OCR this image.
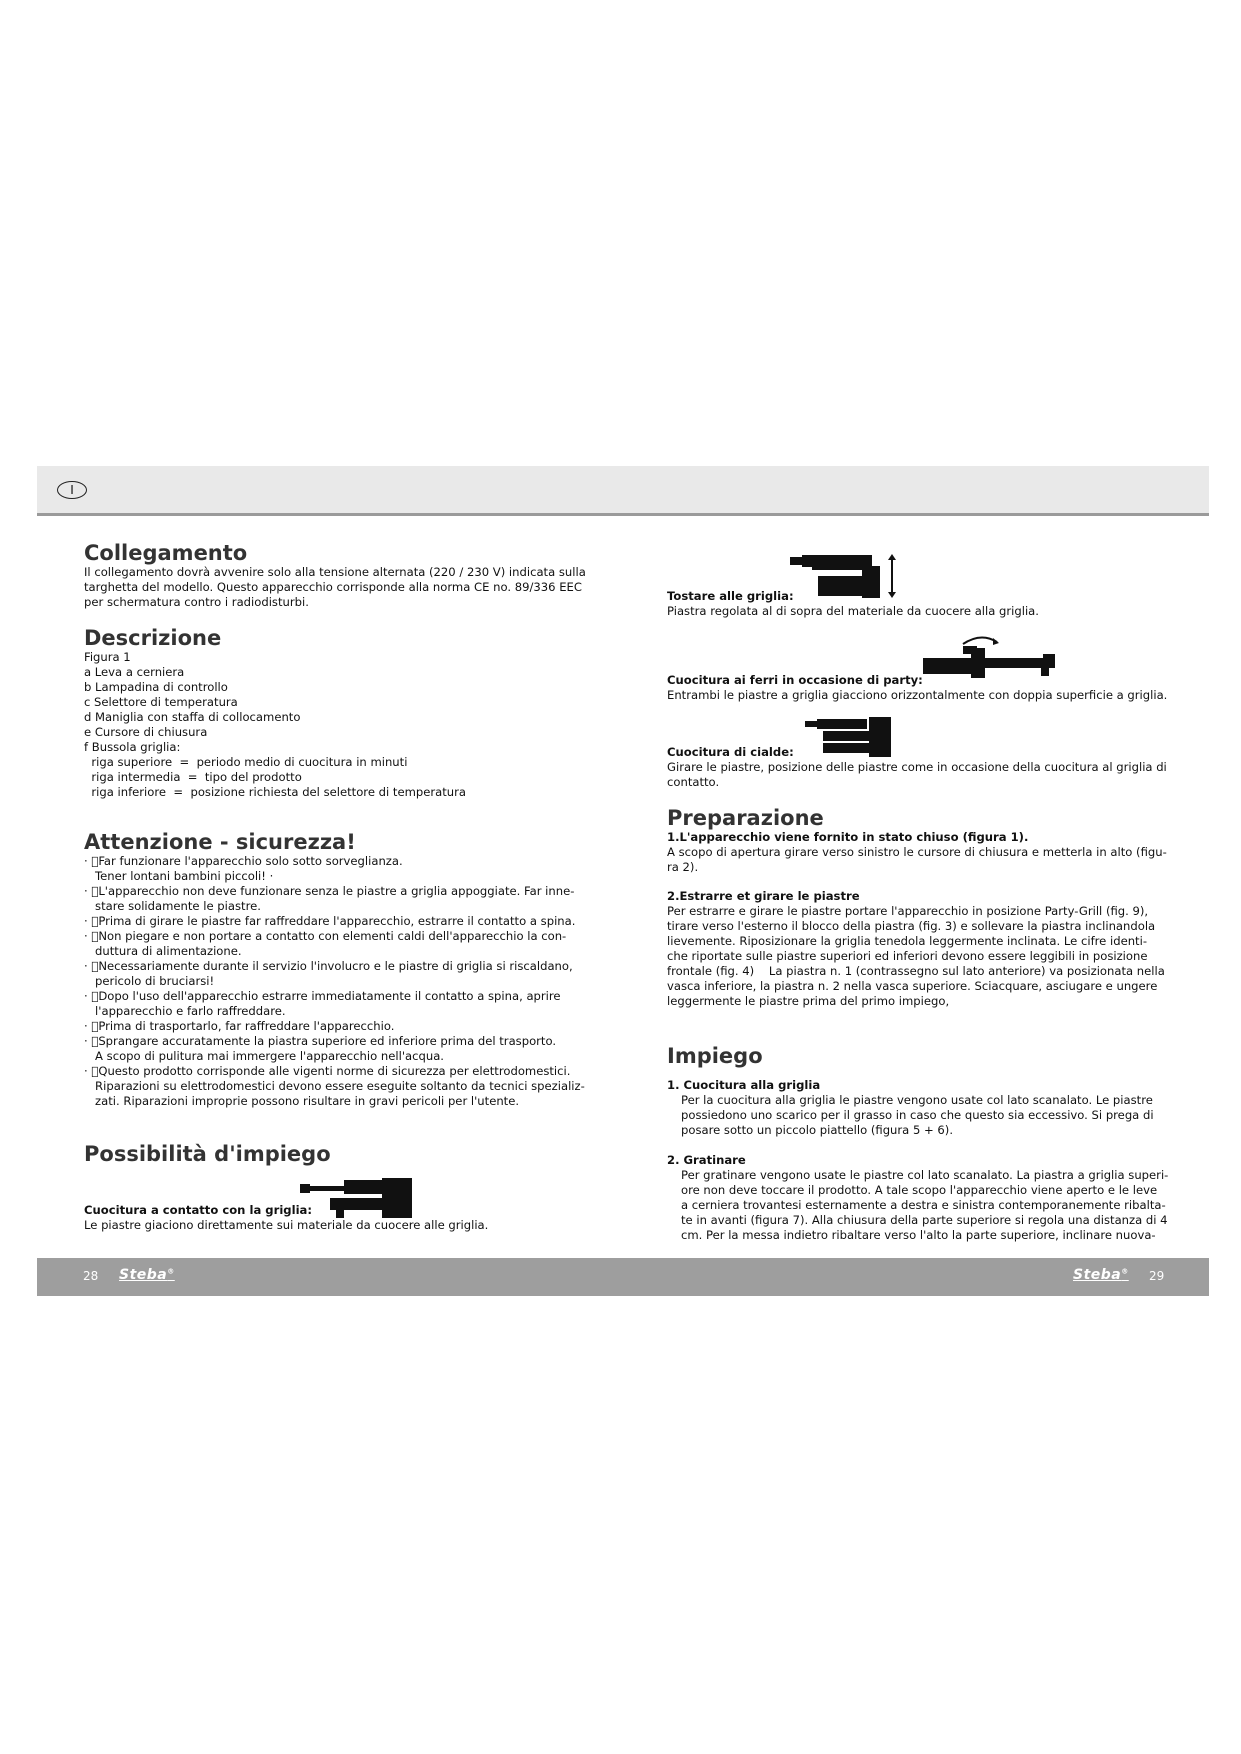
I
Collegamento

Il collegamento dovrà avvenire solo alla tensione alternata (220 / 230 V) indicata sulla

targhetta del modello. Questo apparecchio corrisponde alla norma CE no. 89/336 EEC

per schermatura contro i radiodisturbi.

Descrizione

Figura 1

a Leva a cerniera

b Lampadina di controllo

c Selettore di temperatura

d Maniglia con staffa di collocamento

e Cursore di chiusura

f Bussola griglia:

riga superiore  =  periodo medio di cuocitura in minuti

riga intermedia  =  tipo del prodotto

riga inferiore  =  posizione richiesta del selettore di temperatura

Attenzione - sicurezza!

·  Far funzionare l'apparecchio solo sotto sorveglianza.

Tener lontani bambini piccoli! ·

·  L'apparecchio non deve funzionare senza le piastre a griglia appoggiate. Far inne-

stare solidamente le piastre.

·  Prima di girare le piastre far raffreddare l'apparecchio, estrarre il contatto a spina.

·  Non piegare e non portare a contatto con elementi caldi dell'apparecchio la con-

duttura di alimentazione.

·  Necessariamente durante il servizio l'involucro e le piastre di griglia si riscaldano,

pericolo di bruciarsi!

·  Dopo l'uso dell'apparecchio estrarre immediatamente il contatto a spina, aprire

l'apparecchio e farlo raffreddare.

·  Prima di trasportarlo, far raffreddare l'apparecchio.

·  Sprangare accuratamente la piastra superiore ed inferiore prima del trasporto.

A scopo di pulitura mai immergere l'apparecchio nell'acqua.

·  Questo prodotto corrisponde alle vigenti norme di sicurezza per elettrodomestici.

Riparazioni su elettrodomestici devono essere eseguite soltanto da tecnici spezializ-

zati. Riparazioni improprie possono risultare in gravi pericoli per l'utente.

Possibilità d'impiego

Cuocitura a contatto con la griglia:

Le piastre giaciono direttamente sui materiale da cuocere alle griglia.

Tostare alle griglia:

Piastra regolata al di sopra del materiale da cuocere alla griglia.

Cuocitura ai ferri in occasione di party:

Entrambi le piastre a griglia giacciono orizzontalmente con doppia superficie a griglia.

Cuocitura di cialde:

Girare le piastre, posizione delle piastre come in occasione della cuocitura al griglia di

contatto.

Preparazione

1.L'apparecchio viene fornito in stato chiuso (figura 1).

A scopo di apertura girare verso sinistro le cursore di chiusura e metterla in alto (figu-

ra 2).

2.Estrarre et girare le piastre

Per estrarre e girare le piastre portare l'apparecchio in posizione Party-Grill (fig. 9),

tirare verso l'esterno il blocco della piastra (fig. 3) e sollevare la piastra inclinandola

lievemente. Riposizionare la griglia tenedola leggermente inclinata. Le cifre identi-

che riportate sulle piastre superiori ed inferiori devono essere leggibili in posizione

frontale (fig. 4)    La piastra n. 1 (contrassegno sul lato anteriore) va posizionata nella

vasca inferiore, la piastra n. 2 nella vasca superiore. Sciacquare, asciugare e ungere

leggermente le piastre prima del primo impiego,

Impiego

1. Cuocitura alla griglia

Per la cuocitura alla griglia le piastre vengono usate col lato scanalato. Le piastre

possiedono uno scarico per il grasso in caso che questo sia eccessivo. Si prega di

posare sotto un piccolo piattello (figura 5 + 6).

2. Gratinare

Per gratinare vengono usate le piastre col lato scanalato. La piastra a griglia superi-

ore non deve toccare il prodotto. A tale scopo l'apparecchio viene aperto e le leve

a cerniera trovantesi esternamente a destra e sinistra contemporanemente ribalta-

te in avanti (figura 7). Alla chiusura della parte superiore si regola una distanza di 4

cm. Per la messa indietro ribaltare verso l'alto la parte superiore, inclinare nuova-

28 Steba®	Steba® 29
